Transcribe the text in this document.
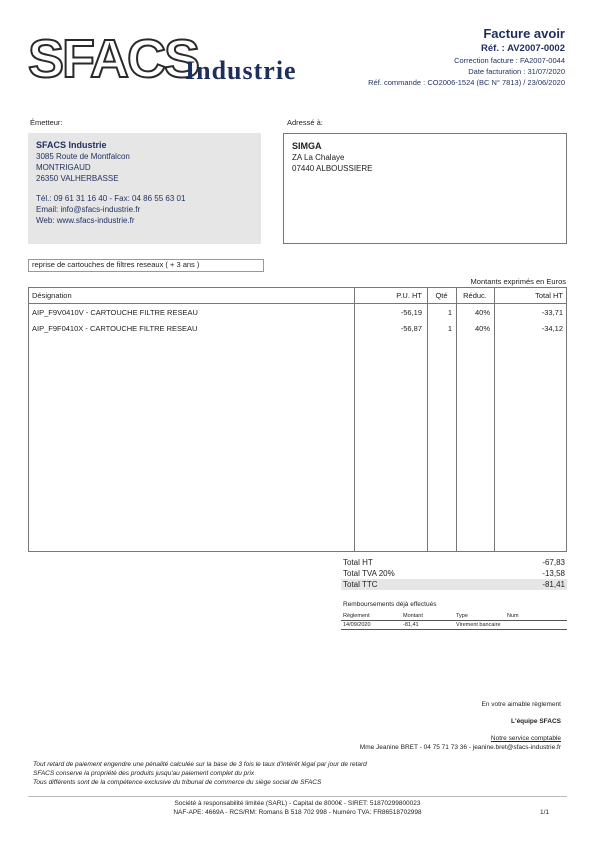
SFACS
Industrie
Facture avoir
Réf. : AV2007-0002
Correction facture : FA2007-0044
Date facturation : 31/07/2020
Réf. commande : CO2006-1524 (BC N° 7813) / 23/06/2020
Émetteur:
SFACS Industrie
3085 Route de Montfalcon
MONTRIGAUD
26350 VALHERBASSE
Tél.: 09 61 31 16 40 - Fax: 04 86 55 63 01
Email: info@sfacs-industrie.fr
Web: www.sfacs-industrie.fr
Adressé à:
SIMGA
ZA La Chalaye
07440 ALBOUSSIERE
reprise de cartouches de filtres reseaux ( + 3 ans )
Montants exprimés en Euros
Désignation	P.U. HT	Qté	Réduc.	Total HT
AIP_F9V0410V - CARTOUCHE FILTRE RESEAU	-56,19	1	40%	-33,71
AIP_F9F0410X - CARTOUCHE FILTRE RESEAU	-56,87	1	40%	-34,12
Total HT	-67,83
Total TVA 20%	-13,58
Total TTC	-81,41
Remboursements déjà effectués
Règlement	Montant	Type	Num
14/09/2020	-81,41	Virement bancaire
En votre aimable règlement
L'équipe SFACS
Notre service comptable
Mme Jeanine BRET - 04 75 71 73 36 - jeanine.bret@sfacs-industrie.fr
Tout retard de paiement engendre une pénalité calculée sur la base de 3 fois le taux d'intérêt légal par jour de retard
SFACS conserve la propriété des produits jusqu'au paiement complet du prix
Tous différents sont de la compétence exclusive du tribunal de commerce du siège social de SFACS
Société à responsabilité limitée (SARL) - Capital de 8000€ - SIRET: 51870299800023
NAF-APE: 4669A - RCS/RM: Romans B 518 702 998 - Numéro TVA: FR86518702998	1/1
